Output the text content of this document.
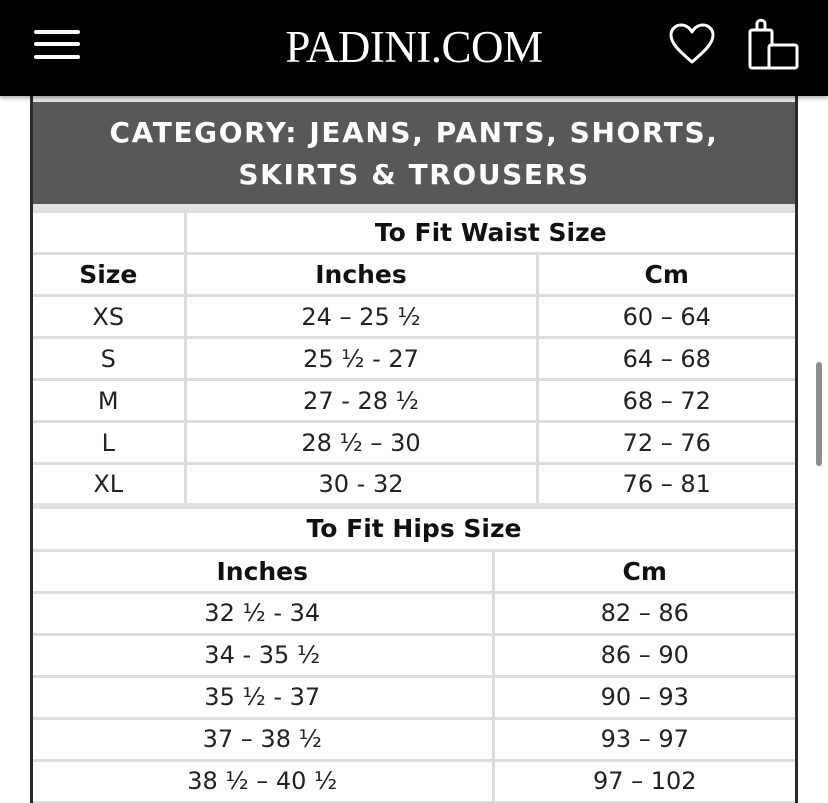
PADINI.COM
CATEGORY: JEANS, PANTS, SHORTS, SKIRTS & TROUSERS
	To Fit Waist Size	
Size	Inches	Cm
XS	24 – 25 ½	60 – 64
S	25 ½ - 27	64 – 68
M	27 - 28 ½	68 – 72
L	28 ½ – 30	72 – 76
XL	30 - 32	76 – 81
To Fit Hips Size	
Inches	Cm
32 ½ - 34	82 – 86
34 - 35 ½	86 – 90
35 ½ - 37	90 – 93
37 – 38 ½	93 – 97
38 ½ – 40 ½	97 – 102
